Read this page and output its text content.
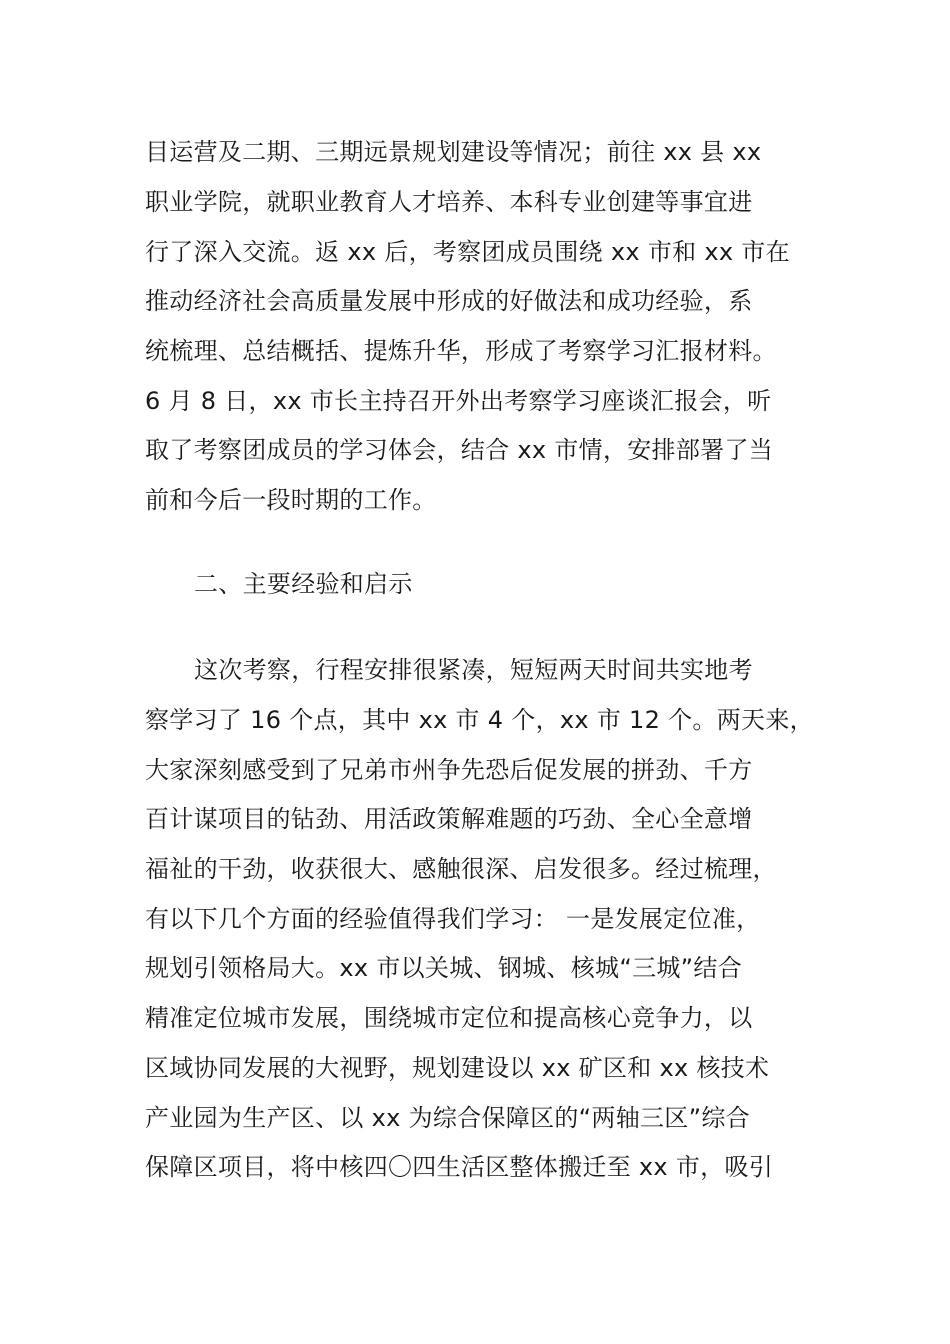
目运营及二期、三期远景规划建设等情况；前往 xx 县 xx
职业学院，就职业教育人才培养、本科专业创建等事宜进
行了深入交流。返 xx 后，考察团成员围绕 xx 市和 xx 市在
推动经济社会高质量发展中形成的好做法和成功经验，系
统梳理、总结概括、提炼升华，形成了考察学习汇报材料。
6 月 8 日，xx 市长主持召开外出考察学习座谈汇报会，听
取了考察团成员的学习体会，结合 xx 市情，安排部署了当
前和今后一段时期的工作。
二、主要经验和启示
这次考察，行程安排很紧凑，短短两天时间共实地考
察学习了 16 个点，其中 xx 市 4 个，xx 市 12 个。两天来，
大家深刻感受到了兄弟市州争先恐后促发展的拼劲、千方
百计谋项目的钻劲、用活政策解难题的巧劲、全心全意增
福祉的干劲，收获很大、感触很深、启发很多。经过梳理，
有以下几个方面的经验值得我们学习： 一是发展定位准，
规划引领格局大。xx 市以关城、钢城、核城“三城”结合
精准定位城市发展，围绕城市定位和提高核心竞争力，以
区域协同发展的大视野，规划建设以 xx 矿区和 xx 核技术
产业园为生产区、以 xx 为综合保障区的“两轴三区”综合
保障区项目，将中核四〇四生活区整体搬迁至 xx 市，吸引
